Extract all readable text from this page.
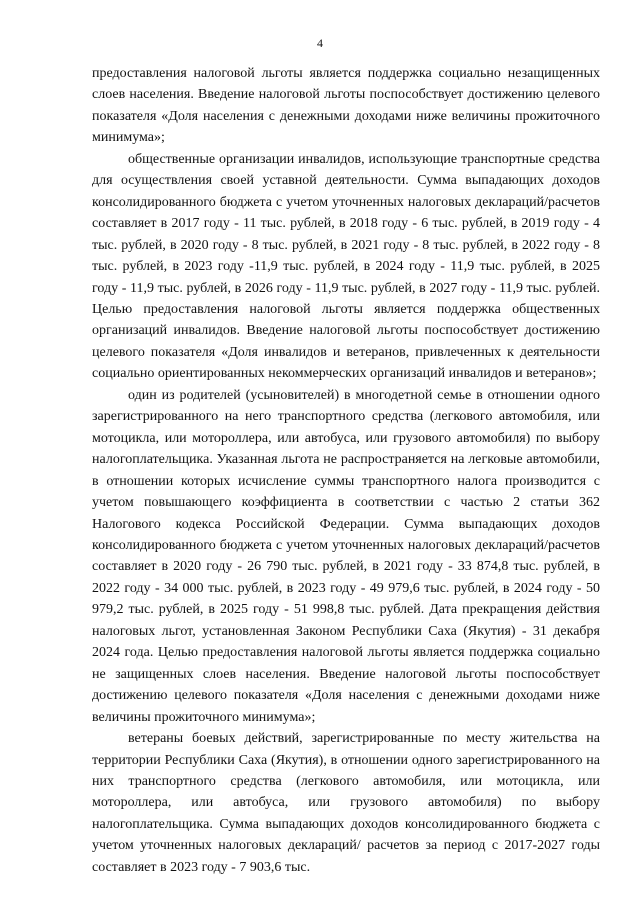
4

предоставления налоговой льготы является поддержка социально незащищенных слоев населения. Введение налоговой льготы поспособствует достижению целевого показателя «Доля населения с денежными доходами ниже величины прожиточного минимума»;

общественные организации инвалидов, использующие транспортные средства для осуществления своей уставной деятельности. Сумма выпадающих доходов консолидированного бюджета с учетом уточненных налоговых деклараций/расчетов составляет в 2017 году - 11 тыс. рублей, в 2018 году - 6 тыс. рублей, в 2019 году - 4 тыс. рублей, в 2020 году - 8 тыс. рублей, в 2021 году - 8 тыс. рублей, в 2022 году - 8 тыс. рублей, в 2023 году -11,9 тыс. рублей, в 2024 году - 11,9 тыс. рублей, в 2025 году - 11,9 тыс. рублей, в 2026 году - 11,9 тыс. рублей, в 2027 году - 11,9 тыс. рублей. Целью предоставления налоговой льготы является поддержка общественных организаций инвалидов. Введение налоговой льготы поспособствует достижению целевого показателя «Доля инвалидов и ветеранов, привлеченных к деятельности социально ориентированных некоммерческих организаций инвалидов и ветеранов»;

один из родителей (усыновителей) в многодетной семье в отношении одного зарегистрированного на него транспортного средства (легкового автомобиля, или мотоцикла, или мотороллера, или автобуса, или грузового автомобиля) по выбору налогоплательщика. Указанная льгота не распространяется на легковые автомобили, в отношении которых исчисление суммы транспортного налога производится с учетом повышающего коэффициента в соответствии с частью 2 статьи 362 Налогового кодекса Российской Федерации. Сумма выпадающих доходов консолидированного бюджета с учетом уточненных налоговых деклараций/расчетов составляет в 2020 году - 26 790 тыс. рублей, в 2021 году - 33 874,8 тыс. рублей, в 2022 году - 34 000 тыс. рублей, в 2023 году - 49 979,6 тыс. рублей, в 2024 году - 50 979,2 тыс. рублей, в 2025 году - 51 998,8 тыс. рублей. Дата прекращения действия налоговых льгот, установленная Законом Республики Саха (Якутия) - 31 декабря 2024 года. Целью предоставления налоговой льготы является поддержка социально не защищенных слоев населения. Введение налоговой льготы поспособствует достижению целевого показателя «Доля населения с денежными доходами ниже величины прожиточного минимума»;

ветераны боевых действий, зарегистрированные по месту жительства на территории Республики Саха (Якутия), в отношении одного зарегистрированного на них транспортного средства (легкового автомобиля, или мотоцикла, или мотороллера, или автобуса, или грузового автомобиля) по выбору налогоплательщика. Сумма выпадающих доходов консолидированного бюджета с учетом уточненных налоговых деклараций/ расчетов за период с 2017-2027 годы составляет в 2023 году - 7 903,6 тыс.
